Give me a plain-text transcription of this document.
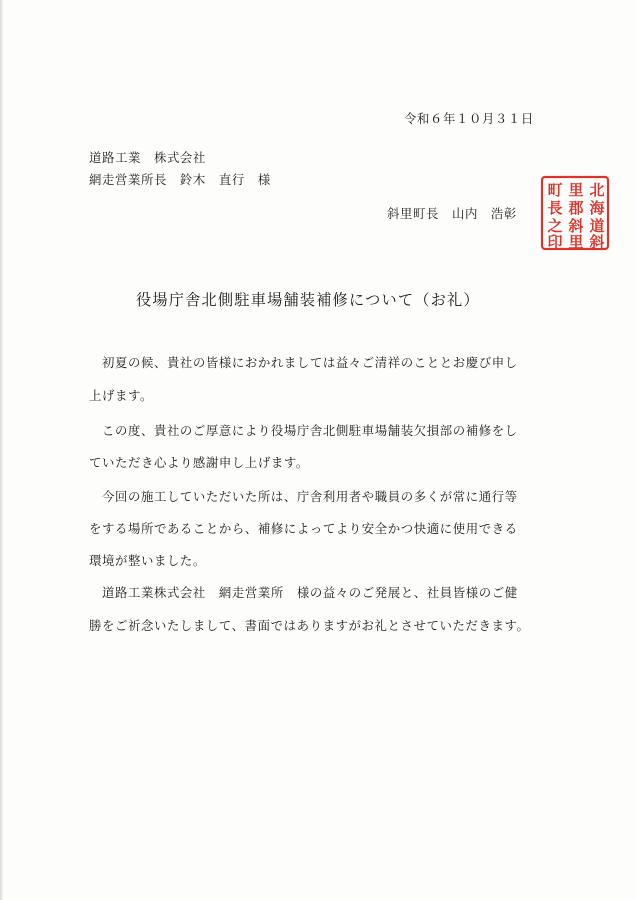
令和６年１０月３１日
道路工業　株式会社
網走営業所長　鈴木　直行　様
斜里町長　山内　浩彰
北
海
道
斜
里
郡
斜
里
町
長
之
印
役場庁舎北側駐車場舗装補修について（お礼）
　初夏の候、貴社の皆様におかれましては益々ご清祥のこととお慶び申し
上げます。
　この度、貴社のご厚意により役場庁舎北側駐車場舗装欠損部の補修をし
ていただき心より感謝申し上げます。
　今回の施工していただいた所は、庁舎利用者や職員の多くが常に通行等
をする場所であることから、補修によってより安全かつ快適に使用できる
環境が整いました。
　道路工業株式会社　網走営業所　様の益々のご発展と、社員皆様のご健
勝をご祈念いたしまして、書面ではありますがお礼とさせていただきます。
